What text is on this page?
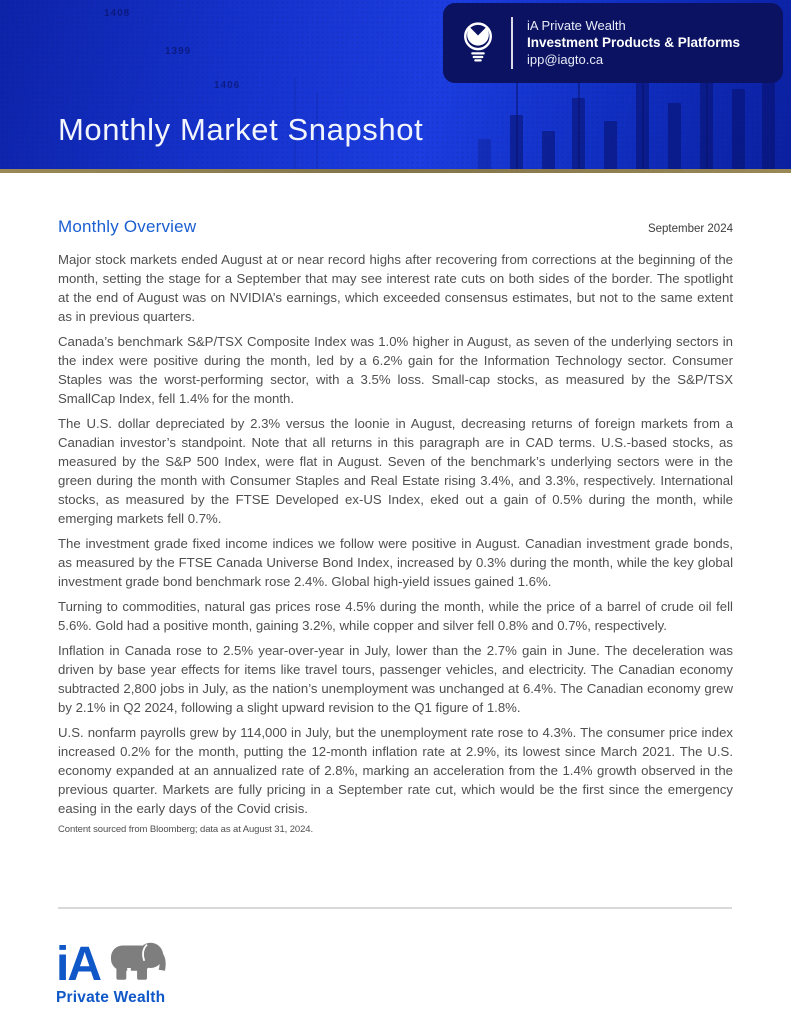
1408
1399
1406
iA Private Wealth
Investment Products & Platforms
ipp@iagto.ca
Monthly Market Snapshot
Monthly Overview	September 2024

Major stock markets ended August at or near record highs after recovering from corrections at the beginning of the month, setting the stage for a September that may see interest rate cuts on both sides of the border. The spotlight at the end of August was on NVIDIA’s earnings, which exceeded consensus estimates, but not to the same extent as in previous quarters.

Canada’s benchmark S&P/TSX Composite Index was 1.0% higher in August, as seven of the underlying sectors in the index were positive during the month, led by a 6.2% gain for the Information Technology sector. Consumer Staples was the worst-performing sector, with a 3.5% loss. Small-cap stocks, as measured by the S&P/TSX SmallCap Index, fell 1.4% for the month.

The U.S. dollar depreciated by 2.3% versus the loonie in August, decreasing returns of foreign markets from a Canadian investor’s standpoint. Note that all returns in this paragraph are in CAD terms. U.S.-based stocks, as measured by the S&P 500 Index, were flat in August. Seven of the benchmark’s underlying sectors were in the green during the month with Consumer Staples and Real Estate rising 3.4%, and 3.3%, respectively. International stocks, as measured by the FTSE Developed ex-US Index, eked out a gain of 0.5% during the month, while emerging markets fell 0.7%.

The investment grade fixed income indices we follow were positive in August. Canadian investment grade bonds, as measured by the FTSE Canada Universe Bond Index, increased by 0.3% during the month, while the key global investment grade bond benchmark rose 2.4%. Global high-yield issues gained 1.6%.

Turning to commodities, natural gas prices rose 4.5% during the month, while the price of a barrel of crude oil fell 5.6%. Gold had a positive month, gaining 3.2%, while copper and silver fell 0.8% and 0.7%, respectively.

Inflation in Canada rose to 2.5% year-over-year in July, lower than the 2.7% gain in June. The deceleration was driven by base year effects for items like travel tours, passenger vehicles, and electricity. The Canadian economy subtracted 2,800 jobs in July, as the nation’s unemployment was unchanged at 6.4%. The Canadian economy grew by 2.1% in Q2 2024, following a slight upward revision to the Q1 figure of 1.8%.

U.S. nonfarm payrolls grew by 114,000 in July, but the unemployment rate rose to 4.3%. The consumer price index increased 0.2% for the month, putting the 12-month inflation rate at 2.9%, its lowest since March 2021. The U.S. economy expanded at an annualized rate of 2.8%, marking an acceleration from the 1.4% growth observed in the previous quarter. Markets are fully pricing in a September rate cut, which would be the first since the emergency easing in the early days of the Covid crisis.

Content sourced from Bloomberg; data as at August 31, 2024.

iA
Private Wealth
